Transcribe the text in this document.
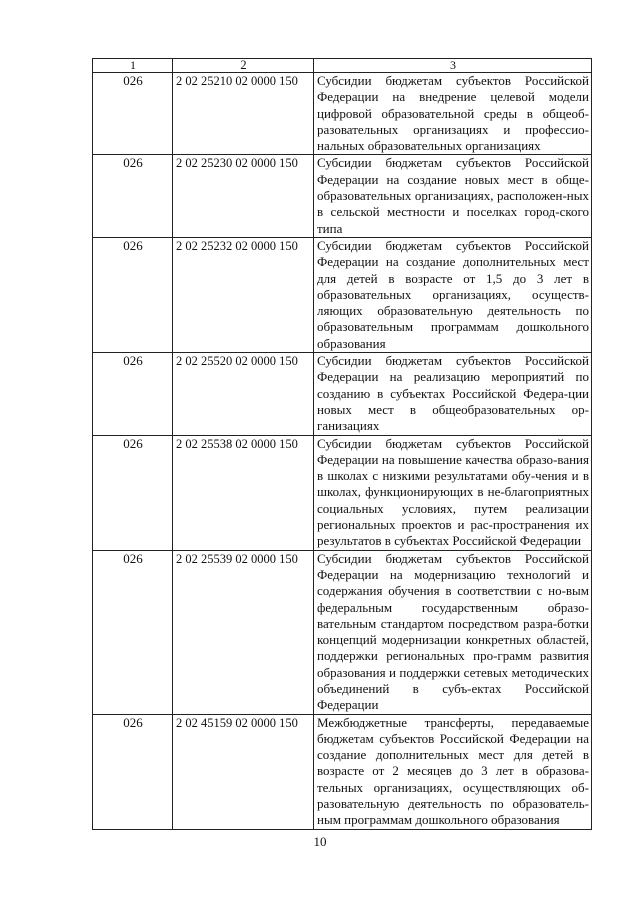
1	2	3
026	2 02 25210 02 0000 150	Субсидии бюджетам субъектов Российской Федерации на внедрение целевой модели цифровой образовательной среды в общеоб-разовательных организациях и профессио-нальных образовательных организациях
026	2 02 25230 02 0000 150	Субсидии бюджетам субъектов Российской Федерации на создание новых мест в обще-образовательных организациях, расположен-ных в сельской местности и поселках город-ского типа
026	2 02 25232 02 0000 150	Субсидии бюджетам субъектов Российской Федерации на создание дополнительных мест для детей в возрасте от 1,5 до 3 лет в образовательных организациях, осуществ-ляющих образовательную деятельность по образовательным программам дошкольного образования
026	2 02 25520 02 0000 150	Субсидии бюджетам субъектов Российской Федерации на реализацию мероприятий по созданию в субъектах Российской Федера-ции новых мест в общеобразовательных ор-ганизациях
026	2 02 25538 02 0000 150	Субсидии бюджетам субъектов Российской Федерации на повышение качества образо-вания в школах с низкими результатами обу-чения и в школах, функционирующих в не-благоприятных социальных условиях, путем реализации региональных проектов и рас-пространения их результатов в субъектах Российской Федерации
026	2 02 25539 02 0000 150	Субсидии бюджетам субъектов Российской Федерации на модернизацию технологий и содержания обучения в соответствии с но-вым федеральным государственным образо-вательным стандартом посредством разра-ботки концепций модернизации конкретных областей, поддержки региональных про-грамм развития образования и поддержки сетевых методических объединений в субъ-ектах Российской Федерации
026	2 02 45159 02 0000 150	Межбюджетные трансферты, передаваемые бюджетам субъектов Российской Федерации на создание дополнительных мест для детей в возрасте от 2 месяцев до 3 лет в образова-тельных организациях, осуществляющих об-разовательную деятельность по образователь-ным программам дошкольного образования
10
